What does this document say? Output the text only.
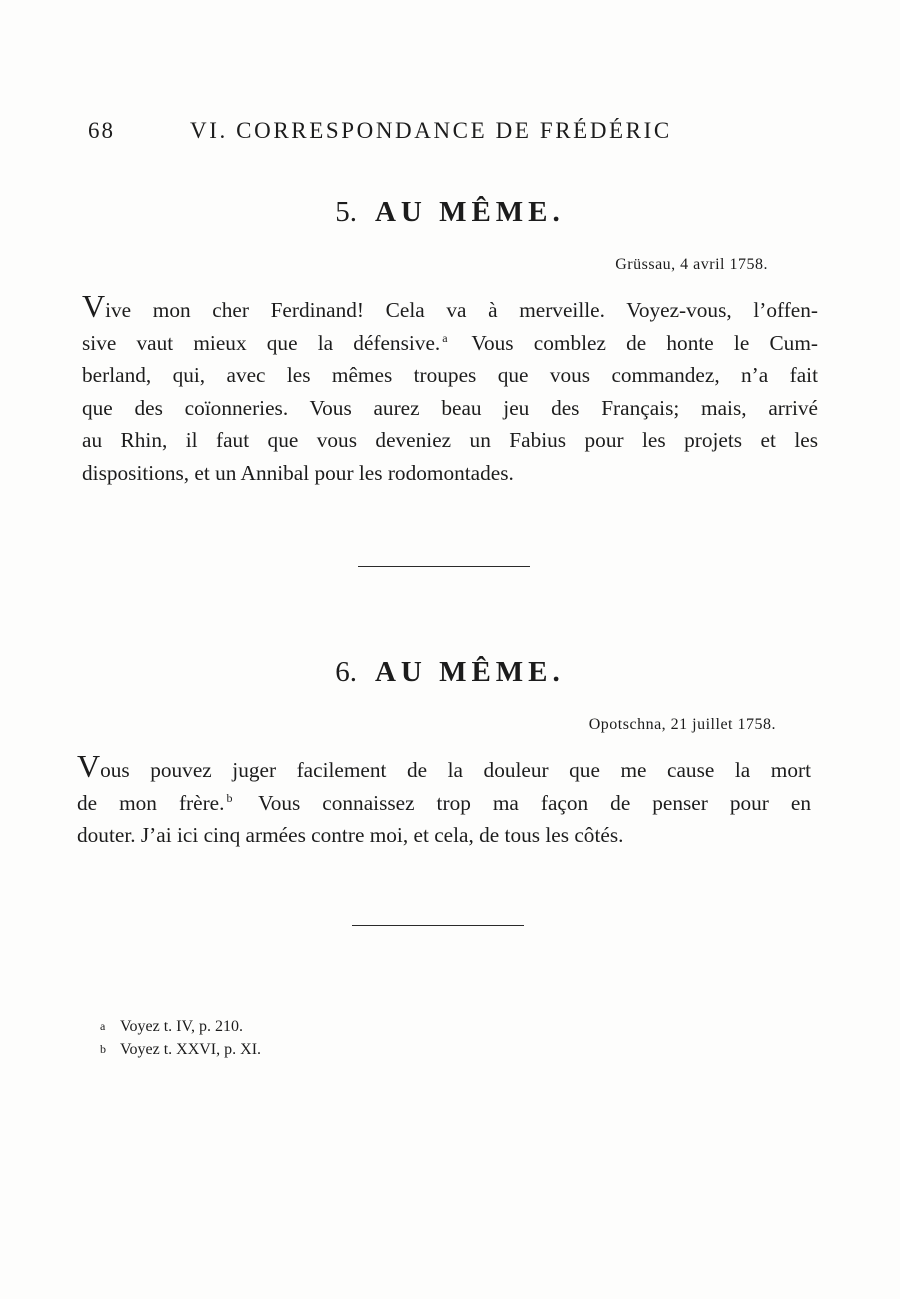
68	VI. CORRESPONDANCE DE FRÉDÉRIC
5. AU MÊME.
Grüssau, 4 avril 1758.
Vive mon cher Ferdinand! Cela va à merveille. Voyez-vous, l’offen-
sive vaut mieux que la défensive. $^a$ Vous comblez de honte le Cum-
berland, qui, avec les mêmes troupes que vous commandez, n’a fait
que des coïonneries. Vous aurez beau jeu des Français; mais, arrivé
au Rhin, il faut que vous deveniez un Fabius pour les projets et les
dispositions, et un Annibal pour les rodomontades.
6. AU MÊME.
Opotschna, 21 juillet 1758.
Vous pouvez juger facilement de la douleur que me cause la mort
de mon frère. $^b$ Vous connaissez trop ma façon de penser pour en
douter. J’ai ici cinq armées contre moi, et cela, de tous les côtés.
a Voyez t. IV, p. 210.
b Voyez t. XXVI, p. XI.
